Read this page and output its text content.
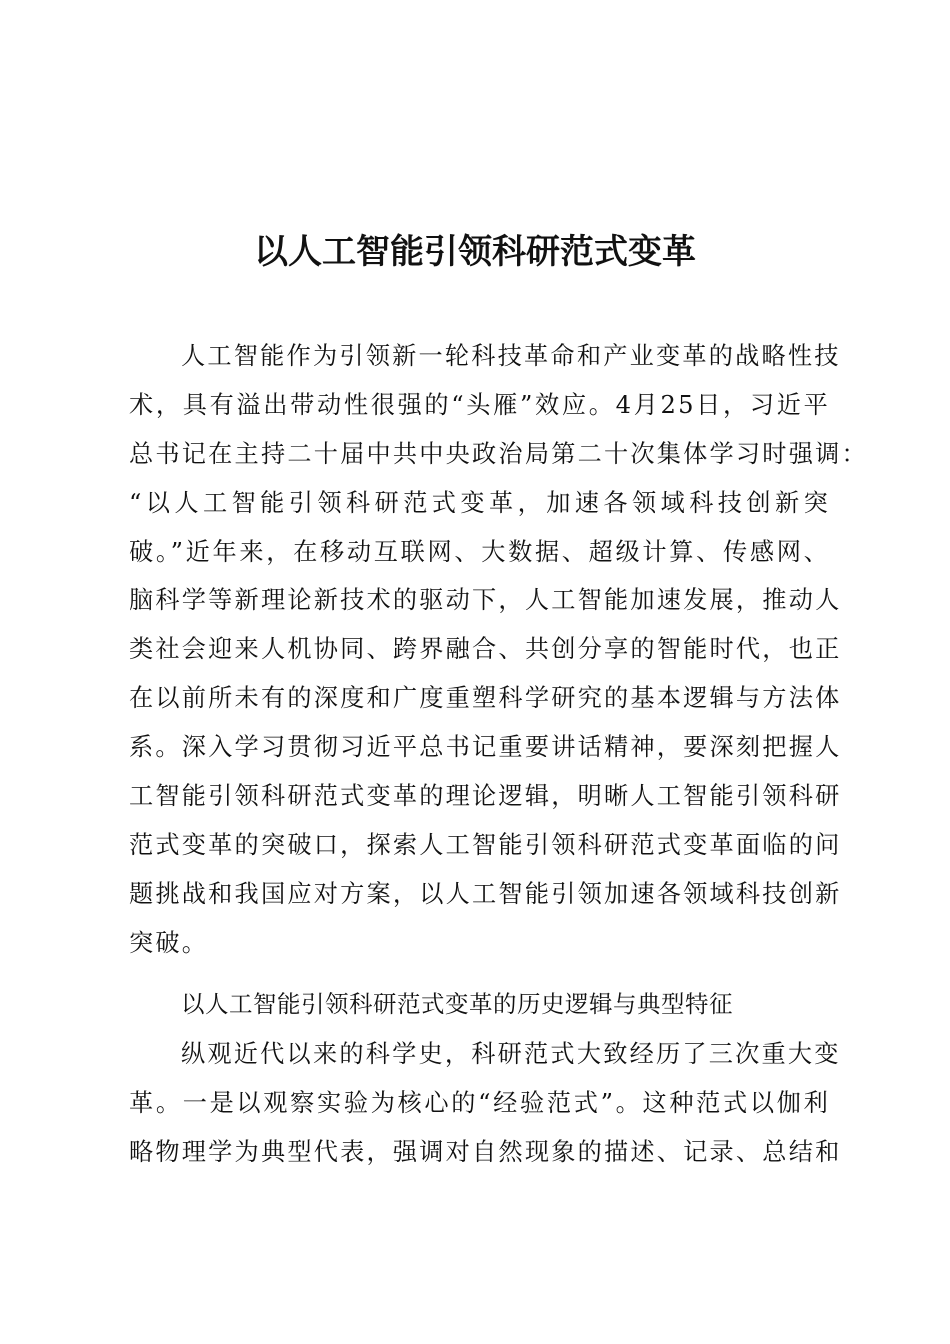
以人工智能引领科研范式变革
人工智能作为引领新一轮科技革命和产业变革的战略性技
术，具有溢出带动性很强的“头雁”效应。4月25日，习近平
总书记在主持二十届中共中央政治局第二十次集体学习时强调：
“以人工智能引领科研范式变革，加速各领域科技创新突
破。”近年来，在移动互联网、大数据、超级计算、传感网、
脑科学等新理论新技术的驱动下，人工智能加速发展，推动人
类社会迎来人机协同、跨界融合、共创分享的智能时代，也正
在以前所未有的深度和广度重塑科学研究的基本逻辑与方法体
系。深入学习贯彻习近平总书记重要讲话精神，要深刻把握人
工智能引领科研范式变革的理论逻辑，明晰人工智能引领科研
范式变革的突破口，探索人工智能引领科研范式变革面临的问
题挑战和我国应对方案，以人工智能引领加速各领域科技创新
突破。
以人工智能引领科研范式变革的历史逻辑与典型特征
纵观近代以来的科学史，科研范式大致经历了三次重大变
革。一是以观察实验为核心的“经验范式”。这种范式以伽利
略物理学为典型代表，强调对自然现象的描述、记录、总结和
